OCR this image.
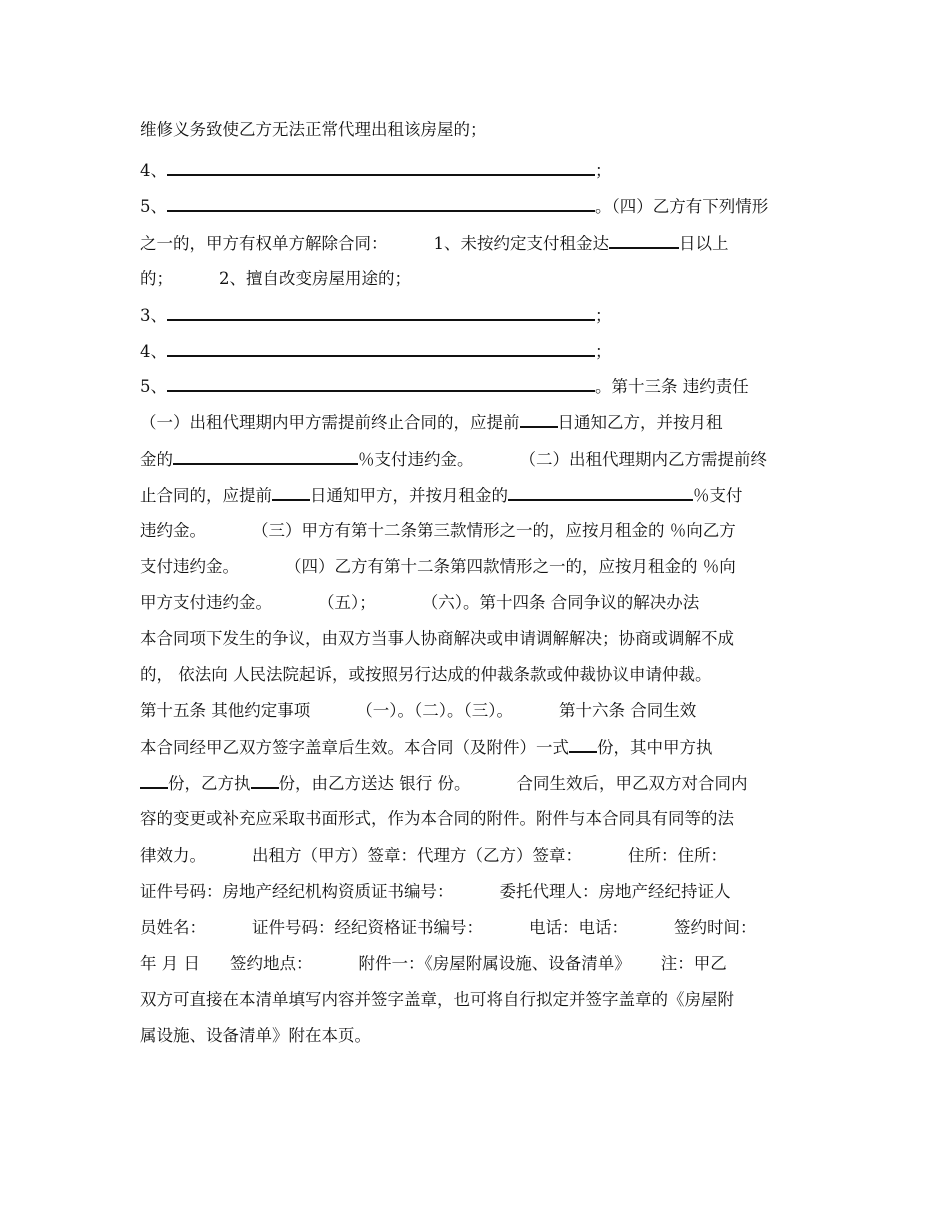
维修义务致使乙方无法正常代理出租该房屋的；
4、	；
5、	。（四）乙方有下列情形
之一的，甲方有权单方解除合同：	1、未按约定支付租金达	日以上
的；	2、擅自改变房屋用途的；
3、	；
4、	；
5、	。第十三条 违约责任
（一）出租代理期内甲方需提前终止合同的，应提前 日通知乙方，并按月租
金的	％支付违约金。	（二）出租代理期内乙方需提前终
止合同的，应提前 日通知甲方，并按月租金的	％支付
违约金。	（三）甲方有第十二条第三款情形之一的，应按月租金的 ％向乙方
支付违约金。	（四）乙方有第十二条第四款情形之一的，应按月租金的 ％向
甲方支付违约金。	（五）；	（六）。第十四条 合同争议的解决办法
本合同项下发生的争议，由双方当事人协商解决或申请调解解决；协商或调解不成
的， 依法向 人民法院起诉，或按照另行达成的仲裁条款或仲裁协议申请仲裁。
第十五条 其他约定事项	（一）。（二）。（三）。	第十六条 合同生效
本合同经甲乙双方签字盖章后生效。本合同（及附件）一式 份，其中甲方执
份，乙方执 份，由乙方送达 银行 份。	合同生效后，甲乙双方对合同内
容的变更或补充应采取书面形式，作为本合同的附件。附件与本合同具有同等的法
律效力。	出租方（甲方）签章：代理方（乙方）签章：	住所：住所：
证件号码：房地产经纪机构资质证书编号：	委托代理人：房地产经纪持证人
员姓名：	证件号码：经纪资格证书编号：	电话：电话：	签约时间：
年 月 日 签约地点：	附件一：《房屋附属设施、设备清单》 注：甲乙
双方可直接在本清单填写内容并签字盖章，也可将自行拟定并签字盖章的《房屋附
属设施、设备清单》附在本页。
